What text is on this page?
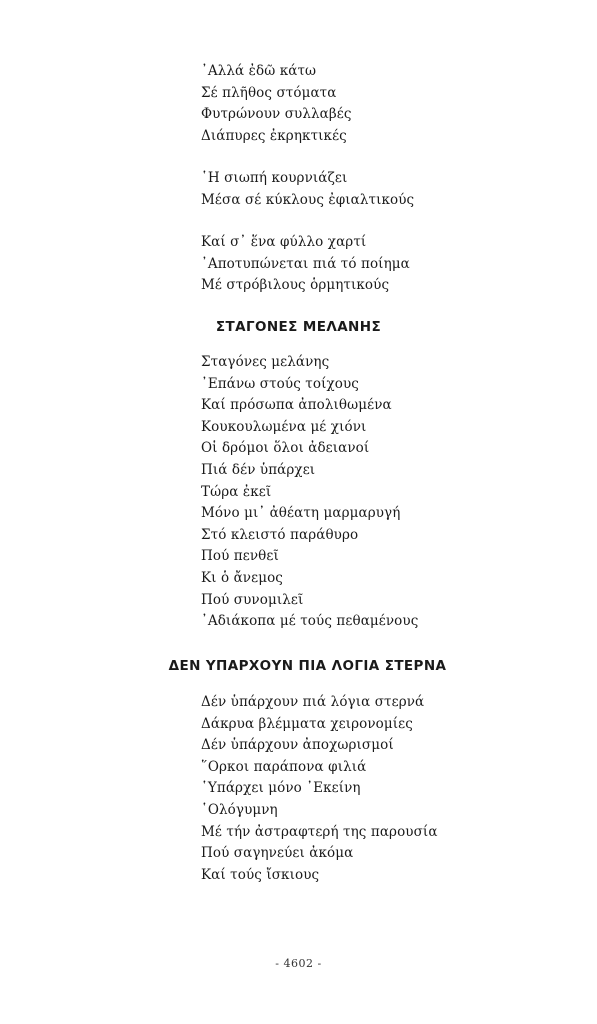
᾿Αλλά ἐδῶ κάτω
Σέ πλῆθος στόματα
Φυτρώνουν συλλαβές
Διάπυρες ἐκρηκτικές
῾Η σιωπή κουρνιάζει
Μέσα σέ κύκλους ἐφιαλτικούς
Καί σ᾿ ἕνα φύλλο χαρτί
᾿Αποτυπώνεται πιά τό ποίημα
Μέ στρόβιλους ὁρμητικούς
ΣΤΑΓΟΝΕΣ ΜΕΛΑΝΗΣ
Σταγόνες μελάνης
᾿Επάνω στούς τοίχους
Καί πρόσωπα ἀπολιθωμένα
Κουκουλωμένα μέ χιόνι
Οἱ δρόμοι ὅλοι ἀδειανοί
Πιά δέν ὑπάρχει
Τώρα ἐκεῖ
Μόνο μι᾿ ἀθέατη μαρμαρυγή
Στό κλειστό παράθυρο
Πού πενθεῖ
Κι ὁ ἄνεμος
Πού συνομιλεῖ
᾿Αδιάκοπα μέ τούς πεθαμένους
ΔΕΝ ΥΠΑΡΧΟΥΝ ΠΙΑ ΛΟΓΙΑ ΣΤΕΡΝΑ
Δέν ὑπάρχουν πιά λόγια στερνά
Δάκρυα βλέμματα χειρονομίες
Δέν ὑπάρχουν ἀποχωρισμοί
῞Ορκοι παράπονα φιλιά
῾Υπάρχει μόνο ᾿Εκείνη
῾Ολόγυμνη
Μέ τήν ἀστραφτερή της παρουσία
Πού σαγηνεύει ἀκόμα
Καί τούς ἴσκιους

- 4602 -
